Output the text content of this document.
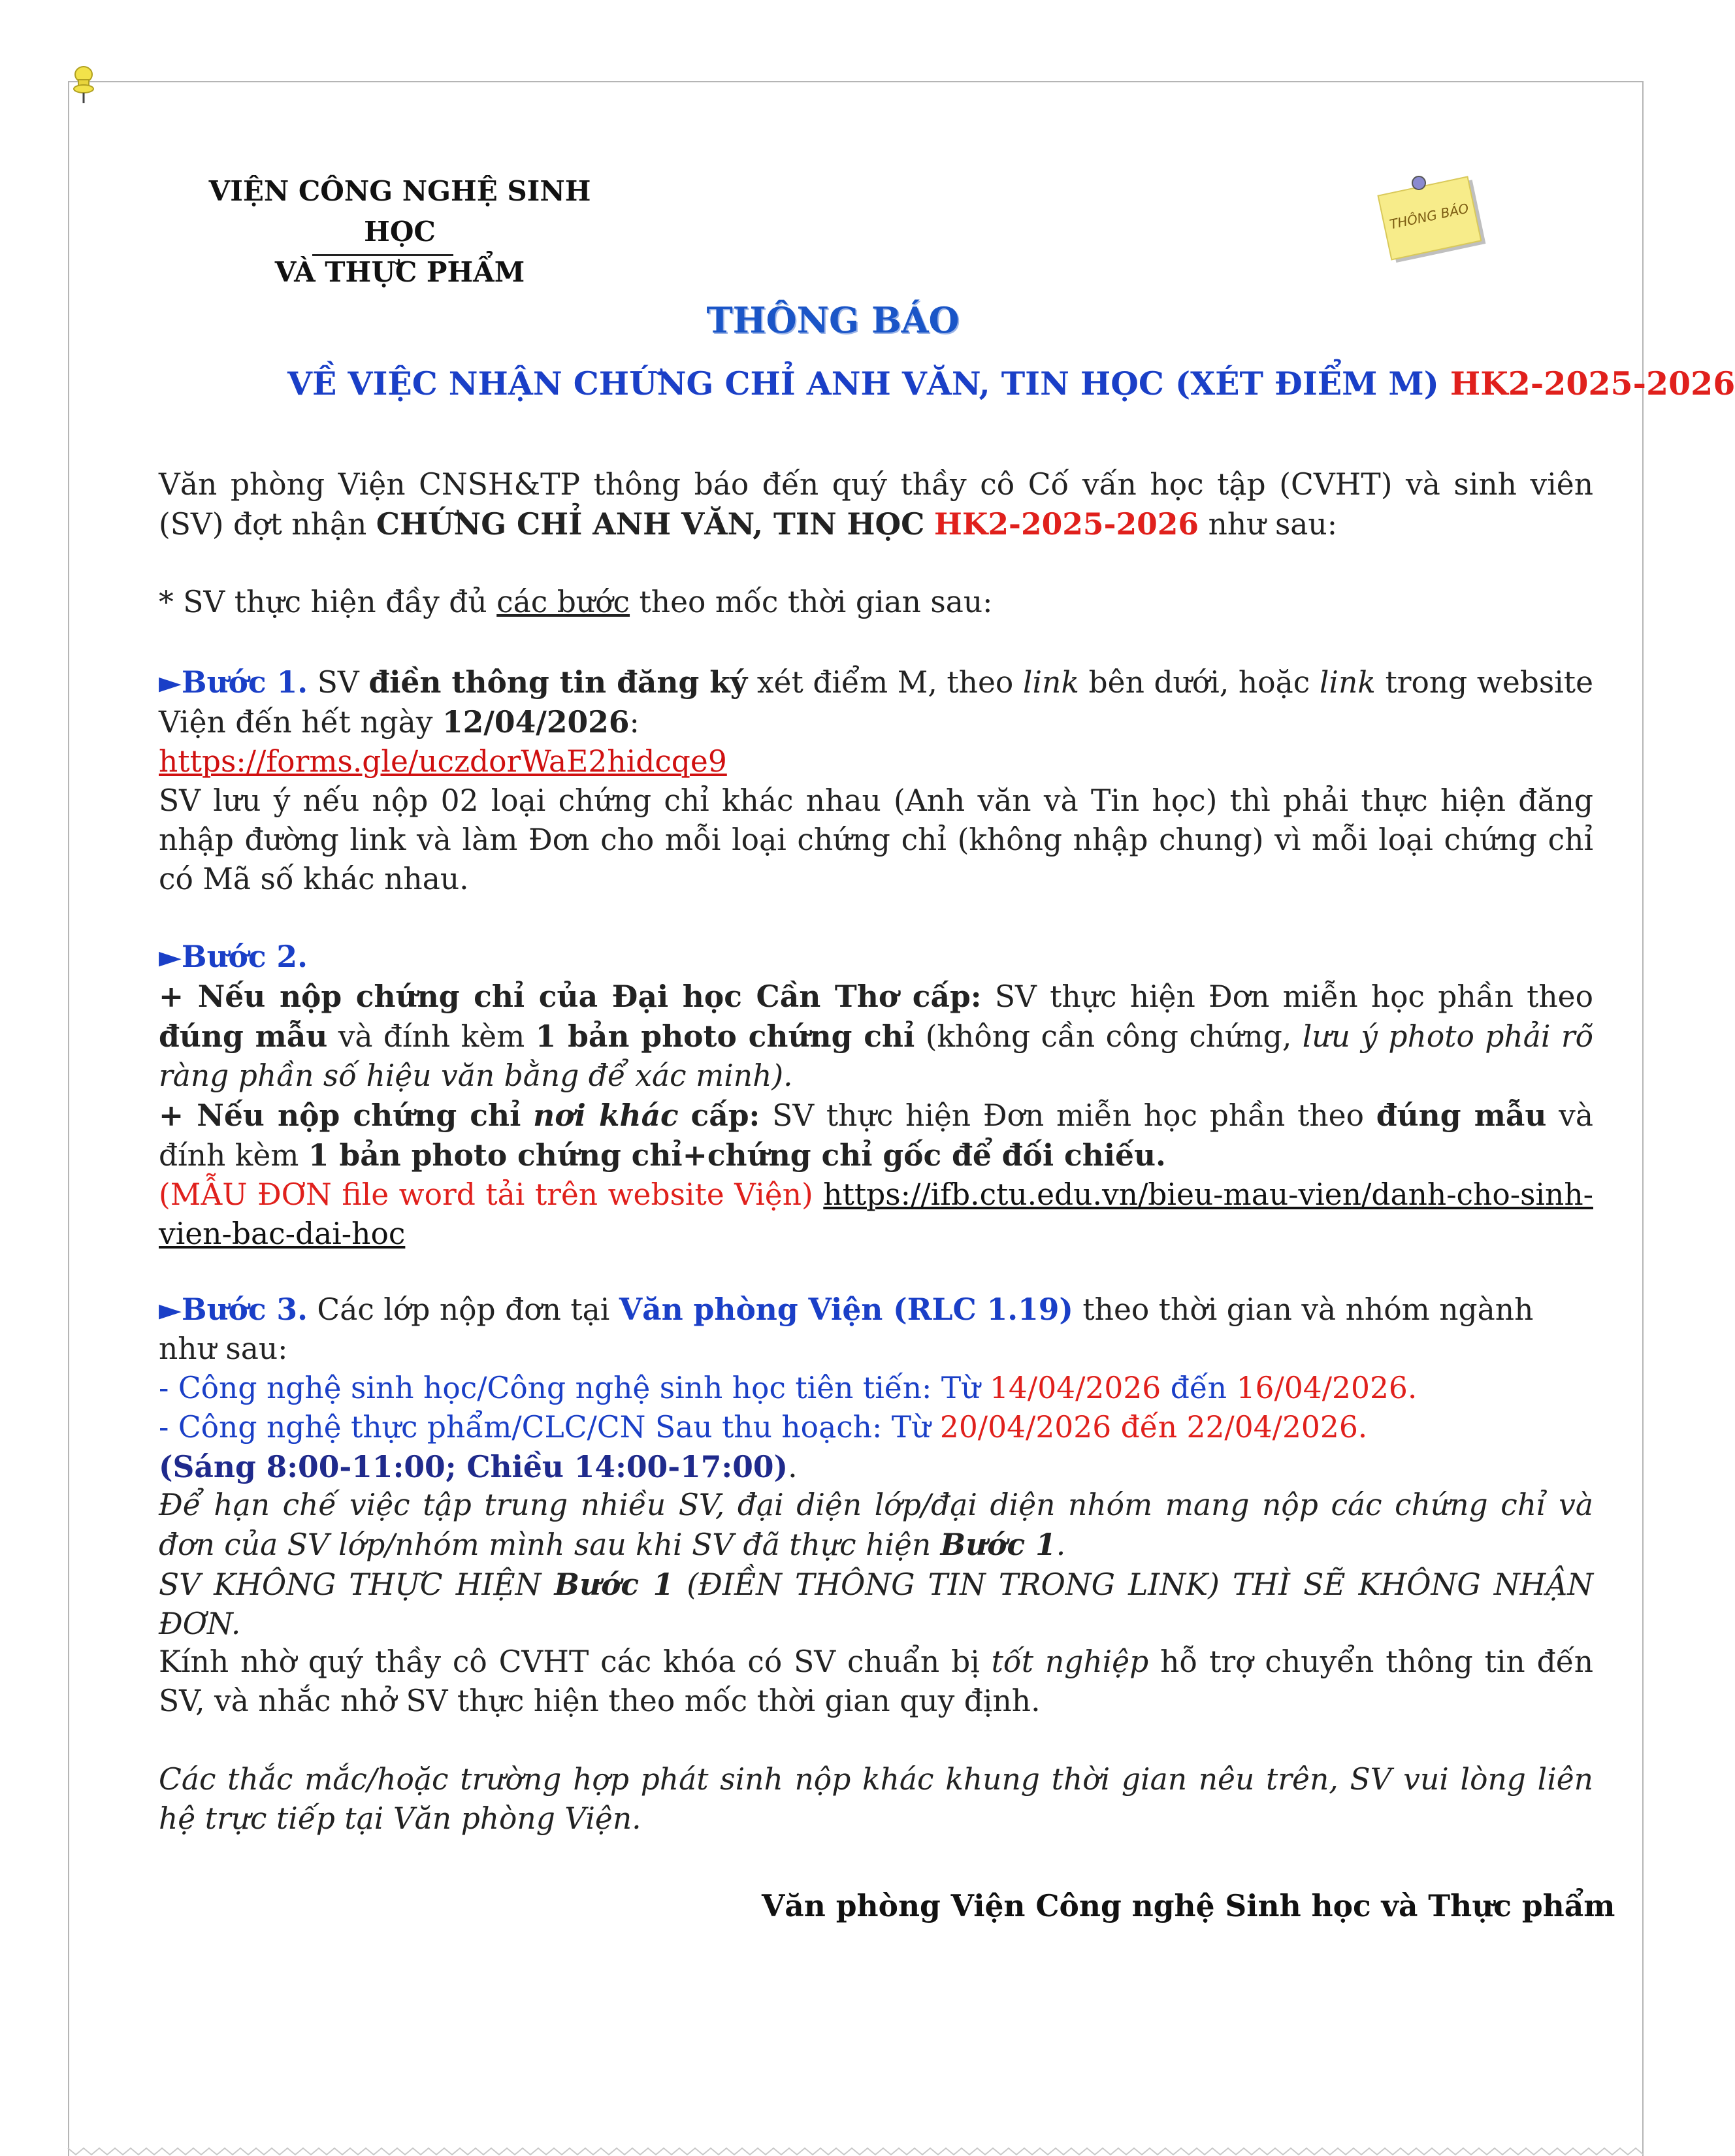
VIỆN CÔNG NGHỆ SINH HỌC
VÀ THỰC PHẨM
THÔNG BÁO
THÔNG BÁO
VỀ VIỆC NHẬN CHỨNG CHỈ ANH VĂN, TIN HỌC (XÉT ĐIỂM M) HK2-2025-2026
Văn phòng Viện CNSH&TP thông báo đến quý thầy cô Cố vấn học tập (CVHT) và sinh viên (SV) đợt nhận CHỨNG CHỈ ANH VĂN, TIN HỌC HK2-2025-2026 như sau:
* SV thực hiện đầy đủ các bước theo mốc thời gian sau:

►Bước 1. SV điền thông tin đăng ký xét điểm M, theo link bên dưới, hoặc link trong website Viện đến hết ngày 12/04/2026:

https://forms.gle/uczdorWaE2hidcqe9

SV lưu ý nếu nộp 02 loại chứng chỉ khác nhau (Anh văn và Tin học) thì phải thực hiện đăng nhập đường link và làm Đơn cho mỗi loại chứng chỉ (không nhập chung) vì mỗi loại chứng chỉ có Mã số khác nhau.

►Bước 2.

+ Nếu nộp chứng chỉ của Đại học Cần Thơ cấp: SV thực hiện Đơn miễn học phần theo đúng mẫu và đính kèm 1 bản photo chứng chỉ (không cần công chứng, lưu ý photo phải rõ ràng phần số hiệu văn bằng để xác minh).

+ Nếu nộp chứng chỉ nơi khác cấp: SV thực hiện Đơn miễn học phần theo đúng mẫu và đính kèm 1 bản photo chứng chỉ+chứng chỉ gốc để đối chiếu.

(MẪU ĐƠN file word tải trên website Viện) https://ifb.ctu.edu.vn/bieu-mau-vien/danh-cho-sinh-vien-bac-dai-hoc

►Bước 3. Các lớp nộp đơn tại Văn phòng Viện (RLC 1.19) theo thời gian và nhóm ngành như sau:

- Công nghệ sinh học/Công nghệ sinh học tiên tiến: Từ 14/04/2026 đến 16/04/2026.

- Công nghệ thực phẩm/CLC/CN Sau thu hoạch: Từ 20/04/2026 đến 22/04/2026.

(Sáng 8:00-11:00; Chiều 14:00-17:00).

Để hạn chế việc tập trung nhiều SV, đại diện lớp/đại diện nhóm mang nộp các chứng chỉ và đơn của SV lớp/nhóm mình sau khi SV đã thực hiện Bước 1.

SV KHÔNG THỰC HIỆN Bước 1 (ĐIỀN THÔNG TIN TRONG LINK) THÌ SẼ KHÔNG NHẬN ĐƠN.

Kính nhờ quý thầy cô CVHT các khóa có SV chuẩn bị tốt nghiệp hỗ trợ chuyển thông tin đến SV, và nhắc nhở SV thực hiện theo mốc thời gian quy định.
Các thắc mắc/hoặc trường hợp phát sinh nộp khác khung thời gian nêu trên, SV vui lòng liên hệ trực tiếp tại Văn phòng Viện.
Văn phòng Viện Công nghệ Sinh học và Thực phẩm
